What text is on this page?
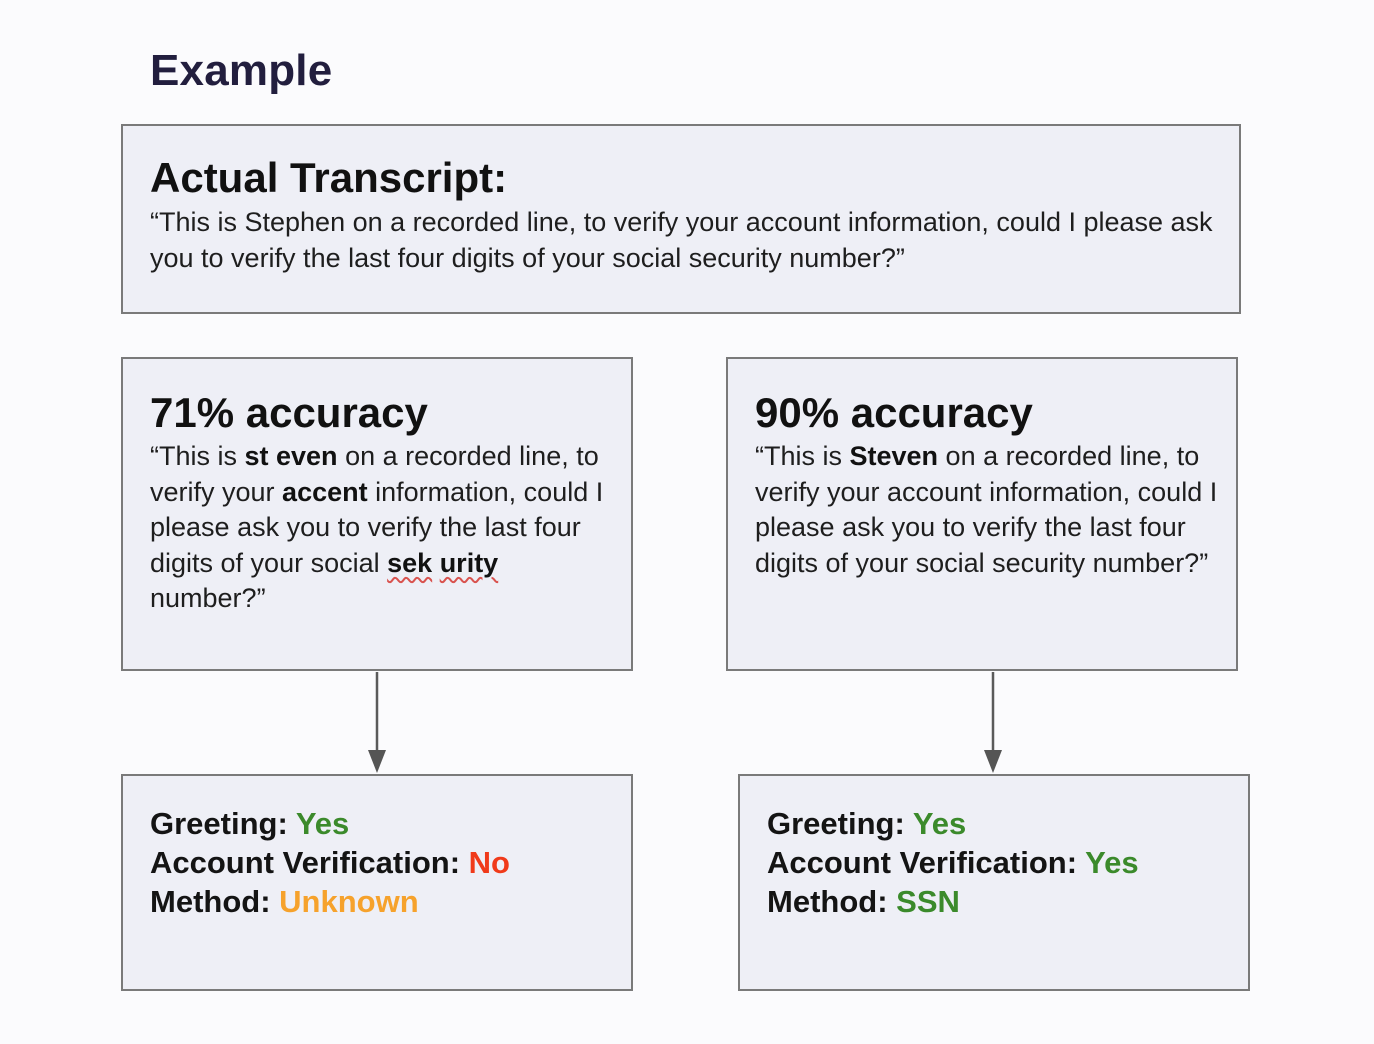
Example
Actual Transcript:
“This is Stephen on a recorded line, to verify your account information, could I please ask you to verify the last four digits of your social security number?”
71% accuracy
“This is st even on a recorded line, to verify your accent information, could I please ask you to verify the last four digits of your social sek urity number?”
90% accuracy
“This is Steven on a recorded line, to verify your account information, could I please ask you to verify the last four digits of your social security number?”
Greeting: Yes
Account Verification: No
Method: Unknown
Greeting: Yes
Account Verification: Yes
Method: SSN
